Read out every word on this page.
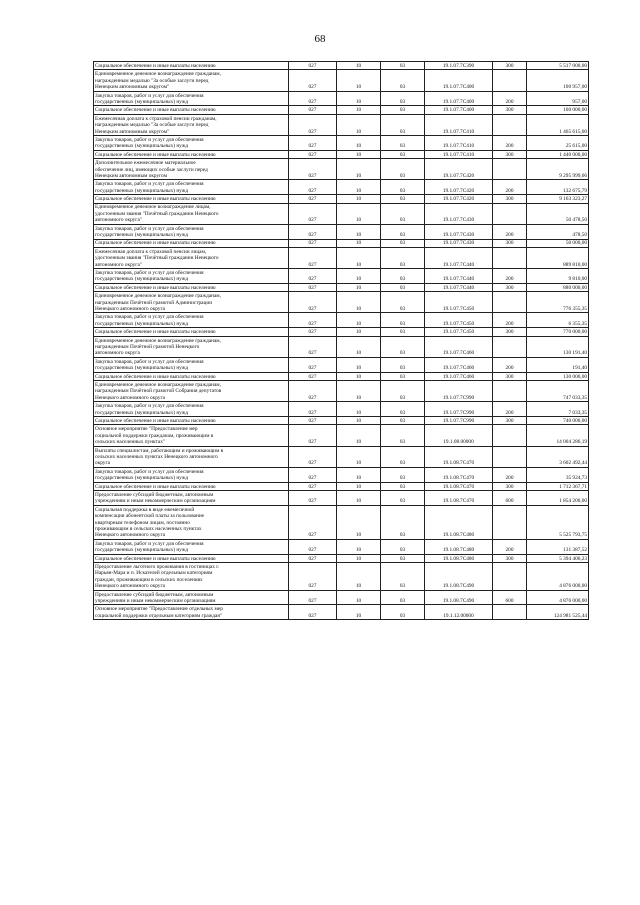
68
Социальное обеспечение и иные выплаты населению	027	10	03	19.1.07.7С390	300	5 517 000,00
Единовременное денежное вознаграждение гражданам,
награжденным медалью "За особые заслуги перед
Ненецким автономным округом"	027	10	03	19.1.07.7С400		100 957,00
Закупка товаров, работ и услуг для обеспечения
государственных (муниципальных) нужд	027	10	03	19.1.07.7С400	200	957,00
Социальное обеспечение и иные выплаты населению	027	10	03	19.1.07.7С400	300	100 000,00
Ежемесячная доплата к страховой пенсии гражданам,
награжденным медалью "За особые заслуги перед
Ненецким автономным округом"	027	10	03	19.1.07.7С410		1 465 615,00
Закупка товаров, работ и услуг для обеспечения
государственных (муниципальных) нужд	027	10	03	19.1.07.7С410	200	25 615,00
Социальное обеспечение и иные выплаты населению	027	10	03	19.1.07.7С410	300	1 440 000,00
Дополнительное ежемесячное материальное
обеспечение лиц, имеющих особые заслуги перед
Ненецким автономным округом	027	10	03	19.1.07.7С420		9 295 999,06
Закупка товаров, работ и услуг для обеспечения
государственных (муниципальных) нужд	027	10	03	19.1.07.7С420	200	132 675,79
Социальное обеспечение и иные выплаты населению	027	10	03	19.1.07.7С420	300	9 163 323,27
Единовременное денежное вознаграждение лицам,
удостоенным звания "Почётный гражданин Ненецкого
автономного округа"	027	10	03	19.1.07.7С430		50 478,50
Закупка товаров, работ и услуг для обеспечения
государственных (муниципальных) нужд	027	10	03	19.1.07.7С430	200	478,50
Социальное обеспечение и иные выплаты населению	027	10	03	19.1.07.7С430	300	50 000,00
Ежемесячная доплата к страховой пенсии лицам,
удостоенным звания "Почётный гражданин Ненецкого
автономного округа"	027	10	03	19.1.07.7С440		889 810,00
Закупка товаров, работ и услуг для обеспечения
государственных (муниципальных) нужд	027	10	03	19.1.07.7С440	200	9 810,00
Социальное обеспечение и иные выплаты населению	027	10	03	19.1.07.7С440	300	880 000,00
Единовременное денежное вознаграждение гражданам,
награжденным Почётной грамотой Администрации
Ненецкого автономного округа	027	10	03	19.1.07.7С450		776 355,35
Закупка товаров, работ и услуг для обеспечения
государственных (муниципальных) нужд	027	10	03	19.1.07.7С450	200	6 355,35
Социальное обеспечение и иные выплаты населению	027	10	03	19.1.07.7С450	300	770 000,00
Единовременное денежное вознаграждение гражданам,
награжденным Почётной грамотой Ненецкого
автономного округа	027	10	03	19.1.07.7С460		130 191,40
Закупка товаров, работ и услуг для обеспечения
государственных (муниципальных) нужд	027	10	03	19.1.07.7С460	200	191,40
Социальное обеспечение и иные выплаты населению	027	10	03	19.1.07.7С460	300	130 000,00
Единовременное денежное вознаграждение гражданам,
награжденным Почётной грамотой Собрания депутатов
Ненецкого автономного округа	027	10	03	19.1.07.7С990		747 033,35
Закупка товаров, работ и услуг для обеспечения
государственных (муниципальных) нужд	027	10	03	19.1.07.7С990	200	7 033,35
Социальное обеспечение и иные выплаты населению	027	10	03	19.1.07.7С990	300	740 000,00
Основное мероприятие "Предоставление мер
социальной поддержки гражданам, проживающим в
сельских населенных пунктах"	027	10	03	19.1.08.00000		14 004 286,19
Выплаты специалистам, работающим и проживающим в
сельских населенных пунктах Ненецкого автономного
округа	027	10	03	19.1.08.7С470		3 602 492,44
Закупка товаров, работ и услуг для обеспечения
государственных (муниципальных) нужд	027	10	03	19.1.08.7С470	200	35 924,73
Социальное обеспечение и иные выплаты населению	027	10	03	19.1.08.7С470	300	1 712 367,71
Предоставление субсидий бюджетным, автономным
учреждениям и иным некоммерческим организациям	027	10	03	19.1.08.7С470	600	1 854 200,00
Социальная поддержка в виде ежемесячной
компенсации абонентской платы за пользование
квартирным телефоном лицам, постоянно
проживающим в сельских населенных пунктах
Ненецкого автономного округа	027	10	03	19.1.08.7С480		5 525 793,75
Закупка товаров, работ и услуг для обеспечения
государственных (муниципальных) нужд	027	10	03	19.1.08.7С480	200	131 387,52
Социальное обеспечение и иные выплаты населению	027	10	03	19.1.08.7С480	300	5 394 406,23
Предоставление льготного проживания в гостиницах г.
Нарьян-Мара и п. Искателей отдельным категориям
граждан, проживающим в сельских поселениях
Ненецкого автономного округа	027	10	03	19.1.08.7С490		4 876 000,00
Предоставление субсидий бюджетным, автономным
учреждениям и иным некоммерческим организациям	027	10	03	19.1.08.7С490	600	4 876 000,00
Основное мероприятие "Предоставление отдельных мер
социальной поддержки отдельным категориям граждан"	027	10	03	19.1.12.00000		124 981 525,44
